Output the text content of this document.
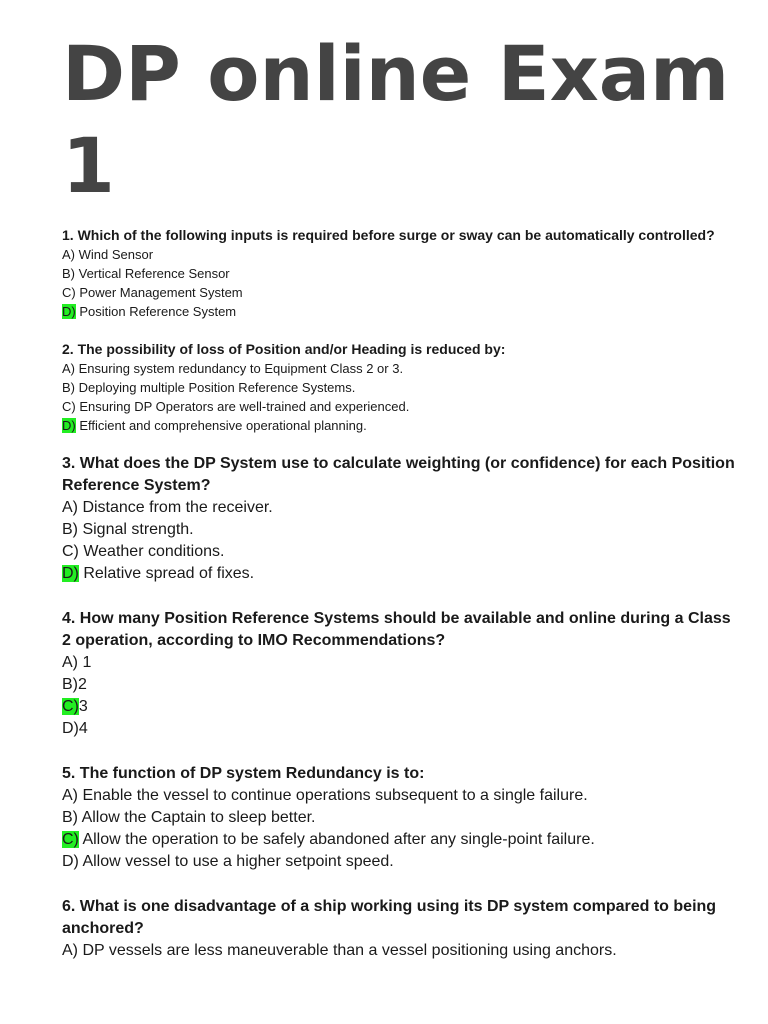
DP online Exam 1

1. Which of the following inputs is required before surge or sway can be automatically controlled?

A) Wind Sensor

B) Vertical Reference Sensor

C) Power Management System

D) Position Reference System

2. The possibility of loss of Position and/or Heading is reduced by:

A) Ensuring system redundancy to Equipment Class 2 or 3.

B) Deploying multiple Position Reference Systems.

C) Ensuring DP Operators are well-trained and experienced.

D) Efficient and comprehensive operational planning.

3. What does the DP System use to calculate weighting (or confidence) for each Position Reference System?

A) Distance from the receiver.

B) Signal strength.

C) Weather conditions.

D) Relative spread of fixes.

4. How many Position Reference Systems should be available and online during a Class 2 operation, according to IMO Recommendations?

A) 1

B)2

C)3

D)4

5. The function of DP system Redundancy is to:

A) Enable the vessel to continue operations subsequent to a single failure.

B) Allow the Captain to sleep better.

C) Allow the operation to be safely abandoned after any single-point failure.

D) Allow vessel to use a higher setpoint speed.

6. What is one disadvantage of a ship working using its DP system compared to being anchored?

A) DP vessels are less maneuverable than a vessel positioning using anchors.
